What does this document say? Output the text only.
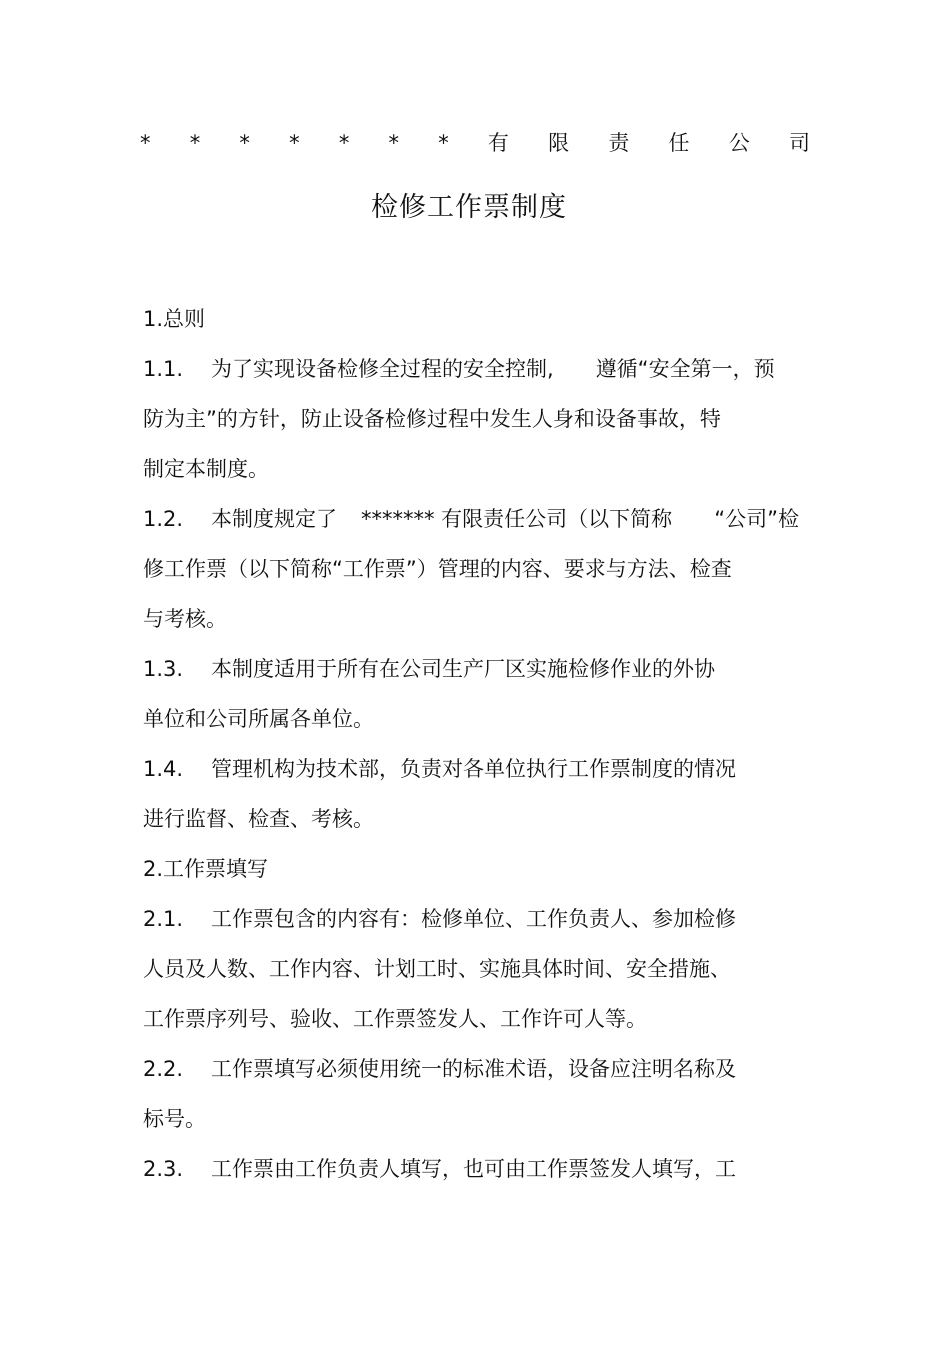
* * * * * * * 有 限 责 任 公 司
检修工作票制度
1.总则
1.1. 为了实现设备检修全过程的安全控制, 遵循“安全第一，预
防为主”的方针，防止设备检修过程中发生人身和设备事故，特
制定本制度。
1.2. 本制度规定了 ******* 有限责任公司（以下简称 “公司”检
修工作票（以下简称“工作票”）管理的内容、要求与方法、检查
与考核。
1.3. 本制度适用于所有在公司生产厂区实施检修作业的外协
单位和公司所属各单位。
1.4. 管理机构为技术部，负责对各单位执行工作票制度的情况
进行监督、检查、考核。
2.工作票填写
2.1. 工作票包含的内容有：检修单位、工作负责人、参加检修
人员及人数、工作内容、计划工时、实施具体时间、安全措施、
工作票序列号、验收、工作票签发人、工作许可人等。
2.2. 工作票填写必须使用统一的标准术语，设备应注明名称及
标号。
2.3. 工作票由工作负责人填写，也可由工作票签发人填写，工
